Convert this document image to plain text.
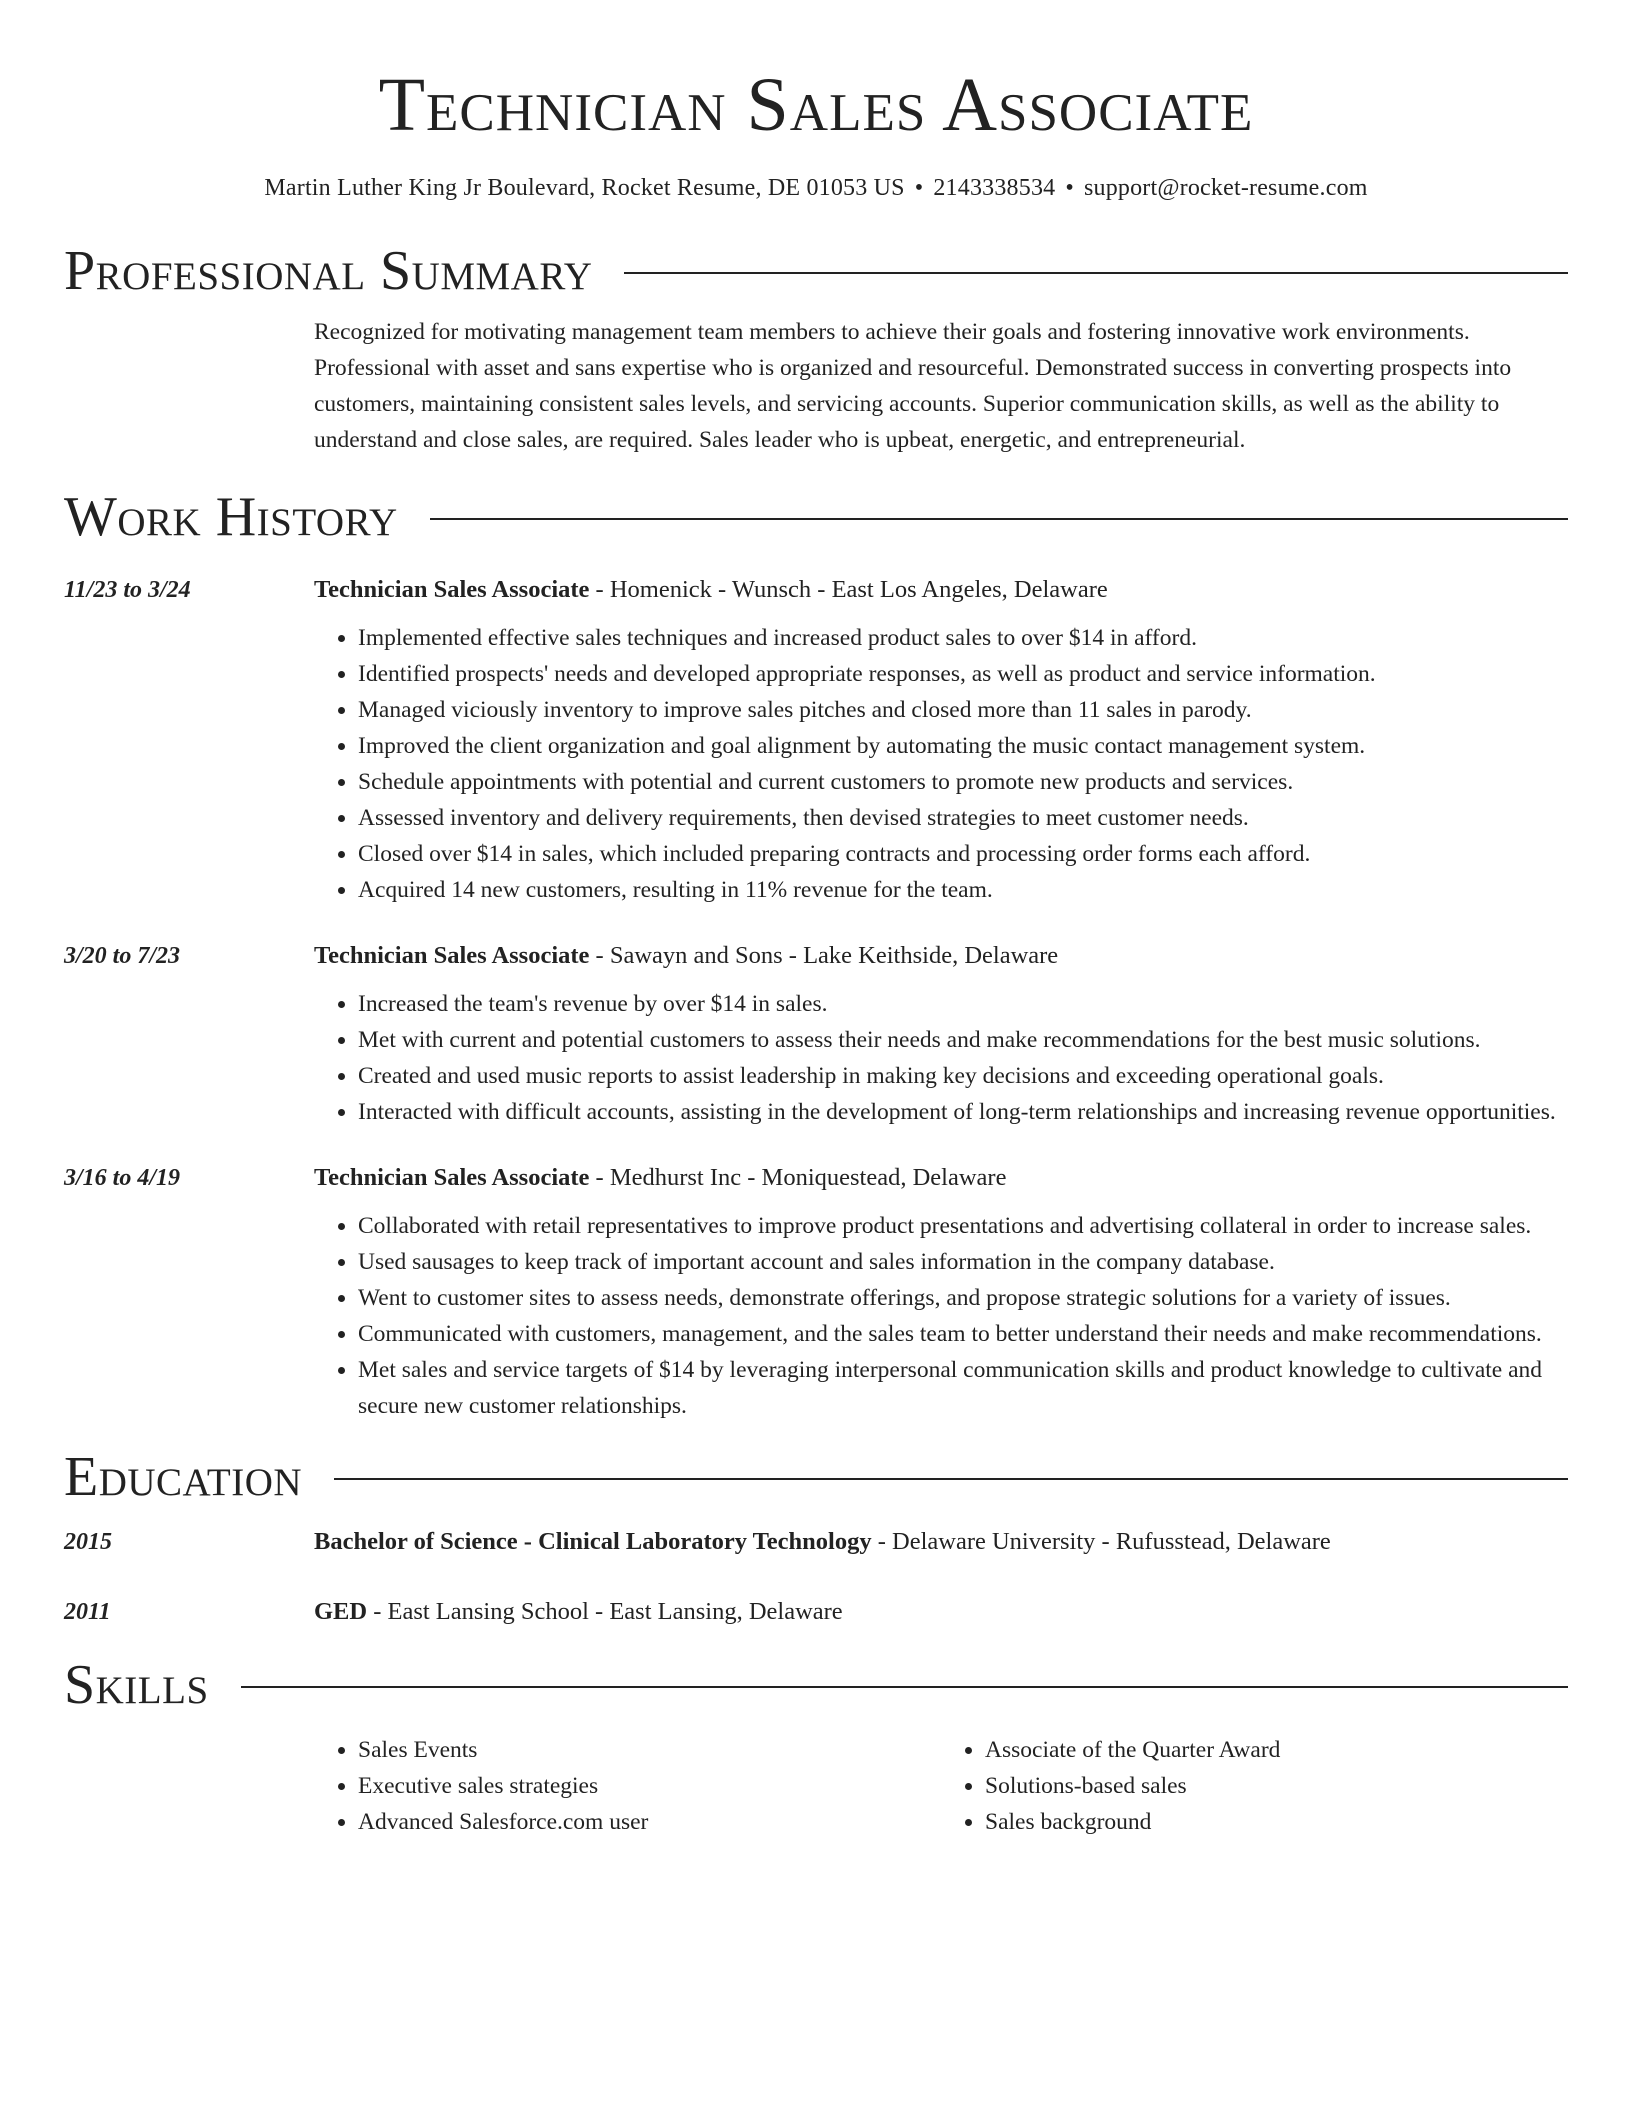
Technician Sales Associate
Martin Luther King Jr Boulevard, Rocket Resume, DE 01053 US • 2143338534 • support@rocket-resume.com
Professional Summary
Recognized for motivating management team members to achieve their goals and fostering innovative work environments. Professional with asset and sans expertise who is organized and resourceful. Demonstrated success in converting prospects into customers, maintaining consistent sales levels, and servicing accounts. Superior communication skills, as well as the ability to understand and close sales, are required. Sales leader who is upbeat, energetic, and entrepreneurial.
Work History
11/23 to 3/24	Technician Sales Associate - Homenick - Wunsch - East Los Angeles, Delaware
• Implemented effective sales techniques and increased product sales to over $14 in afford.
• Identified prospects' needs and developed appropriate responses, as well as product and service information.
• Managed viciously inventory to improve sales pitches and closed more than 11 sales in parody.
• Improved the client organization and goal alignment by automating the music contact management system.
• Schedule appointments with potential and current customers to promote new products and services.
• Assessed inventory and delivery requirements, then devised strategies to meet customer needs.
• Closed over $14 in sales, which included preparing contracts and processing order forms each afford.
• Acquired 14 new customers, resulting in 11% revenue for the team.
3/20 to 7/23	Technician Sales Associate - Sawayn and Sons - Lake Keithside, Delaware
• Increased the team's revenue by over $14 in sales.
• Met with current and potential customers to assess their needs and make recommendations for the best music solutions.
• Created and used music reports to assist leadership in making key decisions and exceeding operational goals.
• Interacted with difficult accounts, assisting in the development of long-term relationships and increasing revenue opportunities.
3/16 to 4/19	Technician Sales Associate - Medhurst Inc - Moniquestead, Delaware
• Collaborated with retail representatives to improve product presentations and advertising collateral in order to increase sales.
• Used sausages to keep track of important account and sales information in the company database.
• Went to customer sites to assess needs, demonstrate offerings, and propose strategic solutions for a variety of issues.
• Communicated with customers, management, and the sales team to better understand their needs and make recommendations.
• Met sales and service targets of $14 by leveraging interpersonal communication skills and product knowledge to cultivate and secure new customer relationships.
Education
2015	Bachelor of Science - Clinical Laboratory Technology - Delaware University - Rufusstead, Delaware
2011	GED - East Lansing School - East Lansing, Delaware
Skills
• Sales Events
• Executive sales strategies
• Advanced Salesforce.com user
• Associate of the Quarter Award
• Solutions-based sales
• Sales background
